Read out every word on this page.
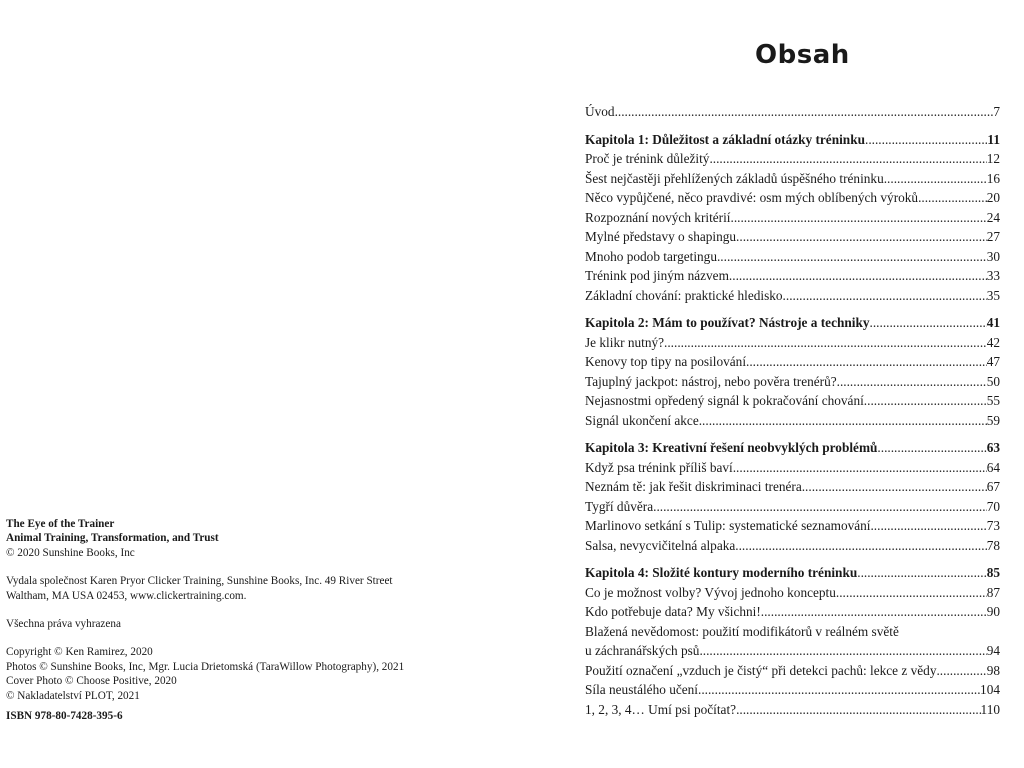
The Eye of the Trainer
Animal Training, Transformation, and Trust
© 2020 Sunshine Books, Inc
Vydala společnost Karen Pryor Clicker Training, Sunshine Books, Inc. 49 River Street
Waltham, MA USA 02453, www.clickertraining.com.
Všechna práva vyhrazena
Copyright © Ken Ramirez, 2020
Photos © Sunshine Books, Inc, Mgr. Lucia Drietomská (TaraWillow Photography), 2021
Cover Photo © Choose Positive, 2020
© Nakladatelství PLOT, 2021
ISBN 978-80-7428-395-6
Obsah
Úvod .....	7
Kapitola 1: Důležitost a základní otázky tréninku .....	11
Proč je trénink důležitý .....	12
Šest nejčastěji přehlížených základů úspěšného tréninku .....	16
Něco vypůjčené, něco pravdivé: osm mých oblíbených výroků .....	20
Rozpoznání nových kritérií .....	24
Mylné představy o shapingu .....	27
Mnoho podob targetingu .....	30
Trénink pod jiným názvem .....	33
Základní chování: praktické hledisko .....	35
Kapitola 2: Mám to používat? Nástroje a techniky .....	41
Je klikr nutný? .....	42
Kenovy top tipy na posilování .....	47
Tajuplný jackpot: nástroj, nebo pověra trenérů? .....	50
Nejasnostmi opředený signál k pokračování chování .....	55
Signál ukončení akce .....	59
Kapitola 3: Kreativní řešení neobvyklých problémů .....	63
Když psa trénink příliš baví .....	64
Neznám tě: jak řešit diskriminaci trenéra .....	67
Tygří důvěra .....	70
Marlinovo setkání s Tulip: systematické seznamování .....	73
Salsa, nevycvičitelná alpaka .....	78
Kapitola 4: Složité kontury moderního tréninku .....	85
Co je možnost volby? Vývoj jednoho konceptu .....	87
Kdo potřebuje data? My všichni! .....	90
Blažená nevědomost: použití modifikátorů v reálném světě
u záchranářských psů .....	94
Použití označení „vzduch je čistý“ při detekci pachů: lekce z vědy .....	98
Síla neustálého učení .....	104
1, 2, 3, 4… Umí psi počítat? .....	110
